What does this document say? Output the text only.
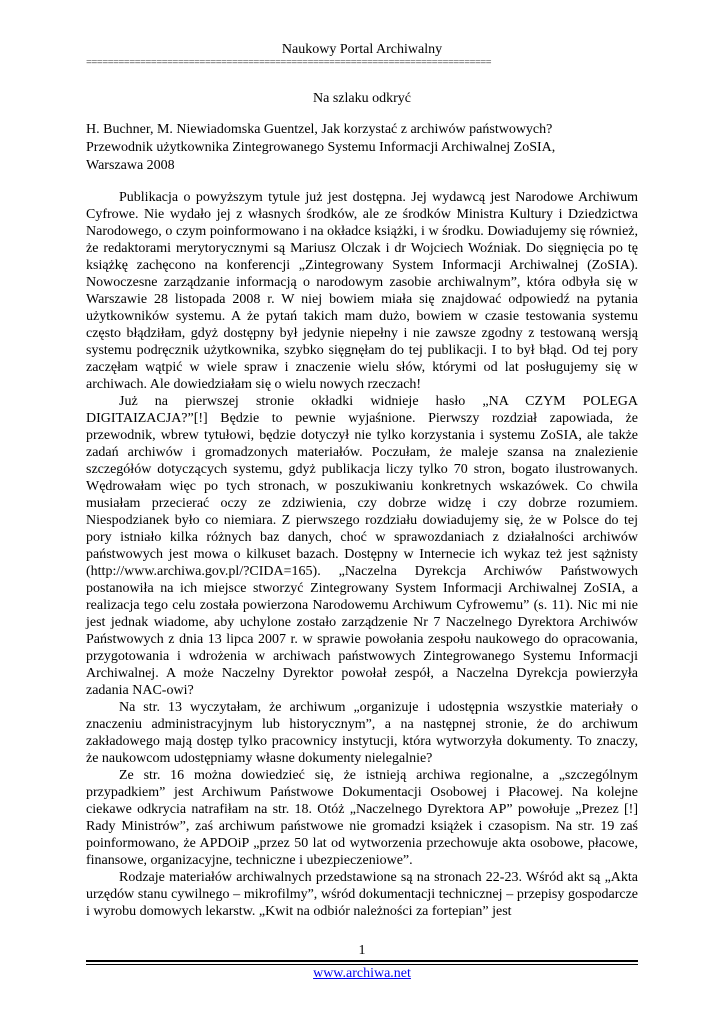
Naukowy Portal Archiwalny
===========================================================================
Na szlaku odkryć
H. Buchner, M. Niewiadomska Guentzel, Jak korzystać z archiwów państwowych?
Przewodnik użytkownika Zintegrowanego Systemu Informacji Archiwalnej ZoSIA,
Warszawa 2008

Publikacja o powyższym tytule już jest dostępna. Jej wydawcą jest Narodowe Archiwum Cyfrowe. Nie wydało jej z własnych środków, ale ze środków Ministra Kultury i Dziedzictwa Narodowego, o czym poinformowano i na okładce książki, i w środku. Dowiadujemy się również, że redaktorami merytorycznymi są Mariusz Olczak i dr Wojciech Woźniak. Do sięgnięcia po tę książkę zachęcono na konferencji „Zintegrowany System Informacji Archiwalnej (ZoSIA). Nowoczesne zarządzanie informacją o narodowym zasobie archiwalnym”, która odbyła się w Warszawie 28 listopada 2008 r. W niej bowiem miała się znajdować odpowiedź na pytania użytkowników systemu. A że pytań takich mam dużo, bowiem w czasie testowania systemu często błądziłam, gdyż dostępny był jedynie niepełny i nie zawsze zgodny z testowaną wersją systemu podręcznik użytkownika, szybko sięgnęłam do tej publikacji. I to był błąd. Od tej pory zaczęłam wątpić w wiele spraw i znaczenie wielu słów, którymi od lat posługujemy się w archiwach. Ale dowiedziałam się o wielu nowych rzeczach!

Już na pierwszej stronie okładki widnieje hasło „NA CZYM POLEGA DIGITAIZACJA?”[!] Będzie to pewnie wyjaśnione. Pierwszy rozdział zapowiada, że przewodnik, wbrew tytułowi, będzie dotyczył nie tylko korzystania i systemu ZoSIA, ale także zadań archiwów i gromadzonych materiałów. Poczułam, że maleje szansa na znalezienie szczegółów dotyczących systemu, gdyż publikacja liczy tylko 70 stron, bogato ilustrowanych. Wędrowałam więc po tych stronach, w poszukiwaniu konkretnych wskazówek. Co chwila musiałam przecierać oczy ze zdziwienia, czy dobrze widzę i czy dobrze rozumiem. Niespodzianek było co niemiara. Z pierwszego rozdziału dowiadujemy się, że w Polsce do tej pory istniało kilka różnych baz danych, choć w sprawozdaniach z działalności archiwów państwowych jest mowa o kilkuset bazach. Dostępny w Internecie ich wykaz też jest sążnisty (http://www.archiwa.gov.pl/?CIDA=165). „Naczelna Dyrekcja Archiwów Państwowych postanowiła na ich miejsce stworzyć Zintegrowany System Informacji Archiwalnej ZoSIA, a realizacja tego celu została powierzona Narodowemu Archiwum Cyfrowemu” (s. 11). Nic mi nie jest jednak wiadome, aby uchylone zostało zarządzenie Nr 7 Naczelnego Dyrektora Archiwów Państwowych z dnia 13 lipca 2007 r. w sprawie powołania zespołu naukowego do opracowania, przygotowania i wdrożenia w archiwach państwowych Zintegrowanego Systemu Informacji Archiwalnej. A może Naczelny Dyrektor powołał zespół, a Naczelna Dyrekcja powierzyła zadania NAC-owi?

Na str. 13 wyczytałam, że archiwum „organizuje i udostępnia wszystkie materiały o znaczeniu administracyjnym lub historycznym”, a na następnej stronie, że do archiwum zakładowego mają dostęp tylko pracownicy instytucji, która wytworzyła dokumenty. To znaczy, że naukowcom udostępniamy własne dokumenty nielegalnie?

Ze str. 16 można dowiedzieć się, że istnieją archiwa regionalne, a „szczególnym przypadkiem” jest Archiwum Państwowe Dokumentacji Osobowej i Płacowej. Na kolejne ciekawe odkrycia natrafiłam na str. 18. Otóż „Naczelnego Dyrektora AP” powołuje „Prezez [!] Rady Ministrów”, zaś archiwum państwowe nie gromadzi książek i czasopism. Na str. 19 zaś poinformowano, że APDOiP „przez 50 lat od wytworzenia przechowuje akta osobowe, płacowe, finansowe, organizacyjne, techniczne i ubezpieczeniowe”.

Rodzaje materiałów archiwalnych przedstawione są na stronach 22-23. Wśród akt są „Akta urzędów stanu cywilnego – mikrofilmy”, wśród dokumentacji technicznej – przepisy gospodarcze i wyrobu domowych lekarstw. „Kwit na odbiór należności za fortepian” jest

1
www.archiwa.net
